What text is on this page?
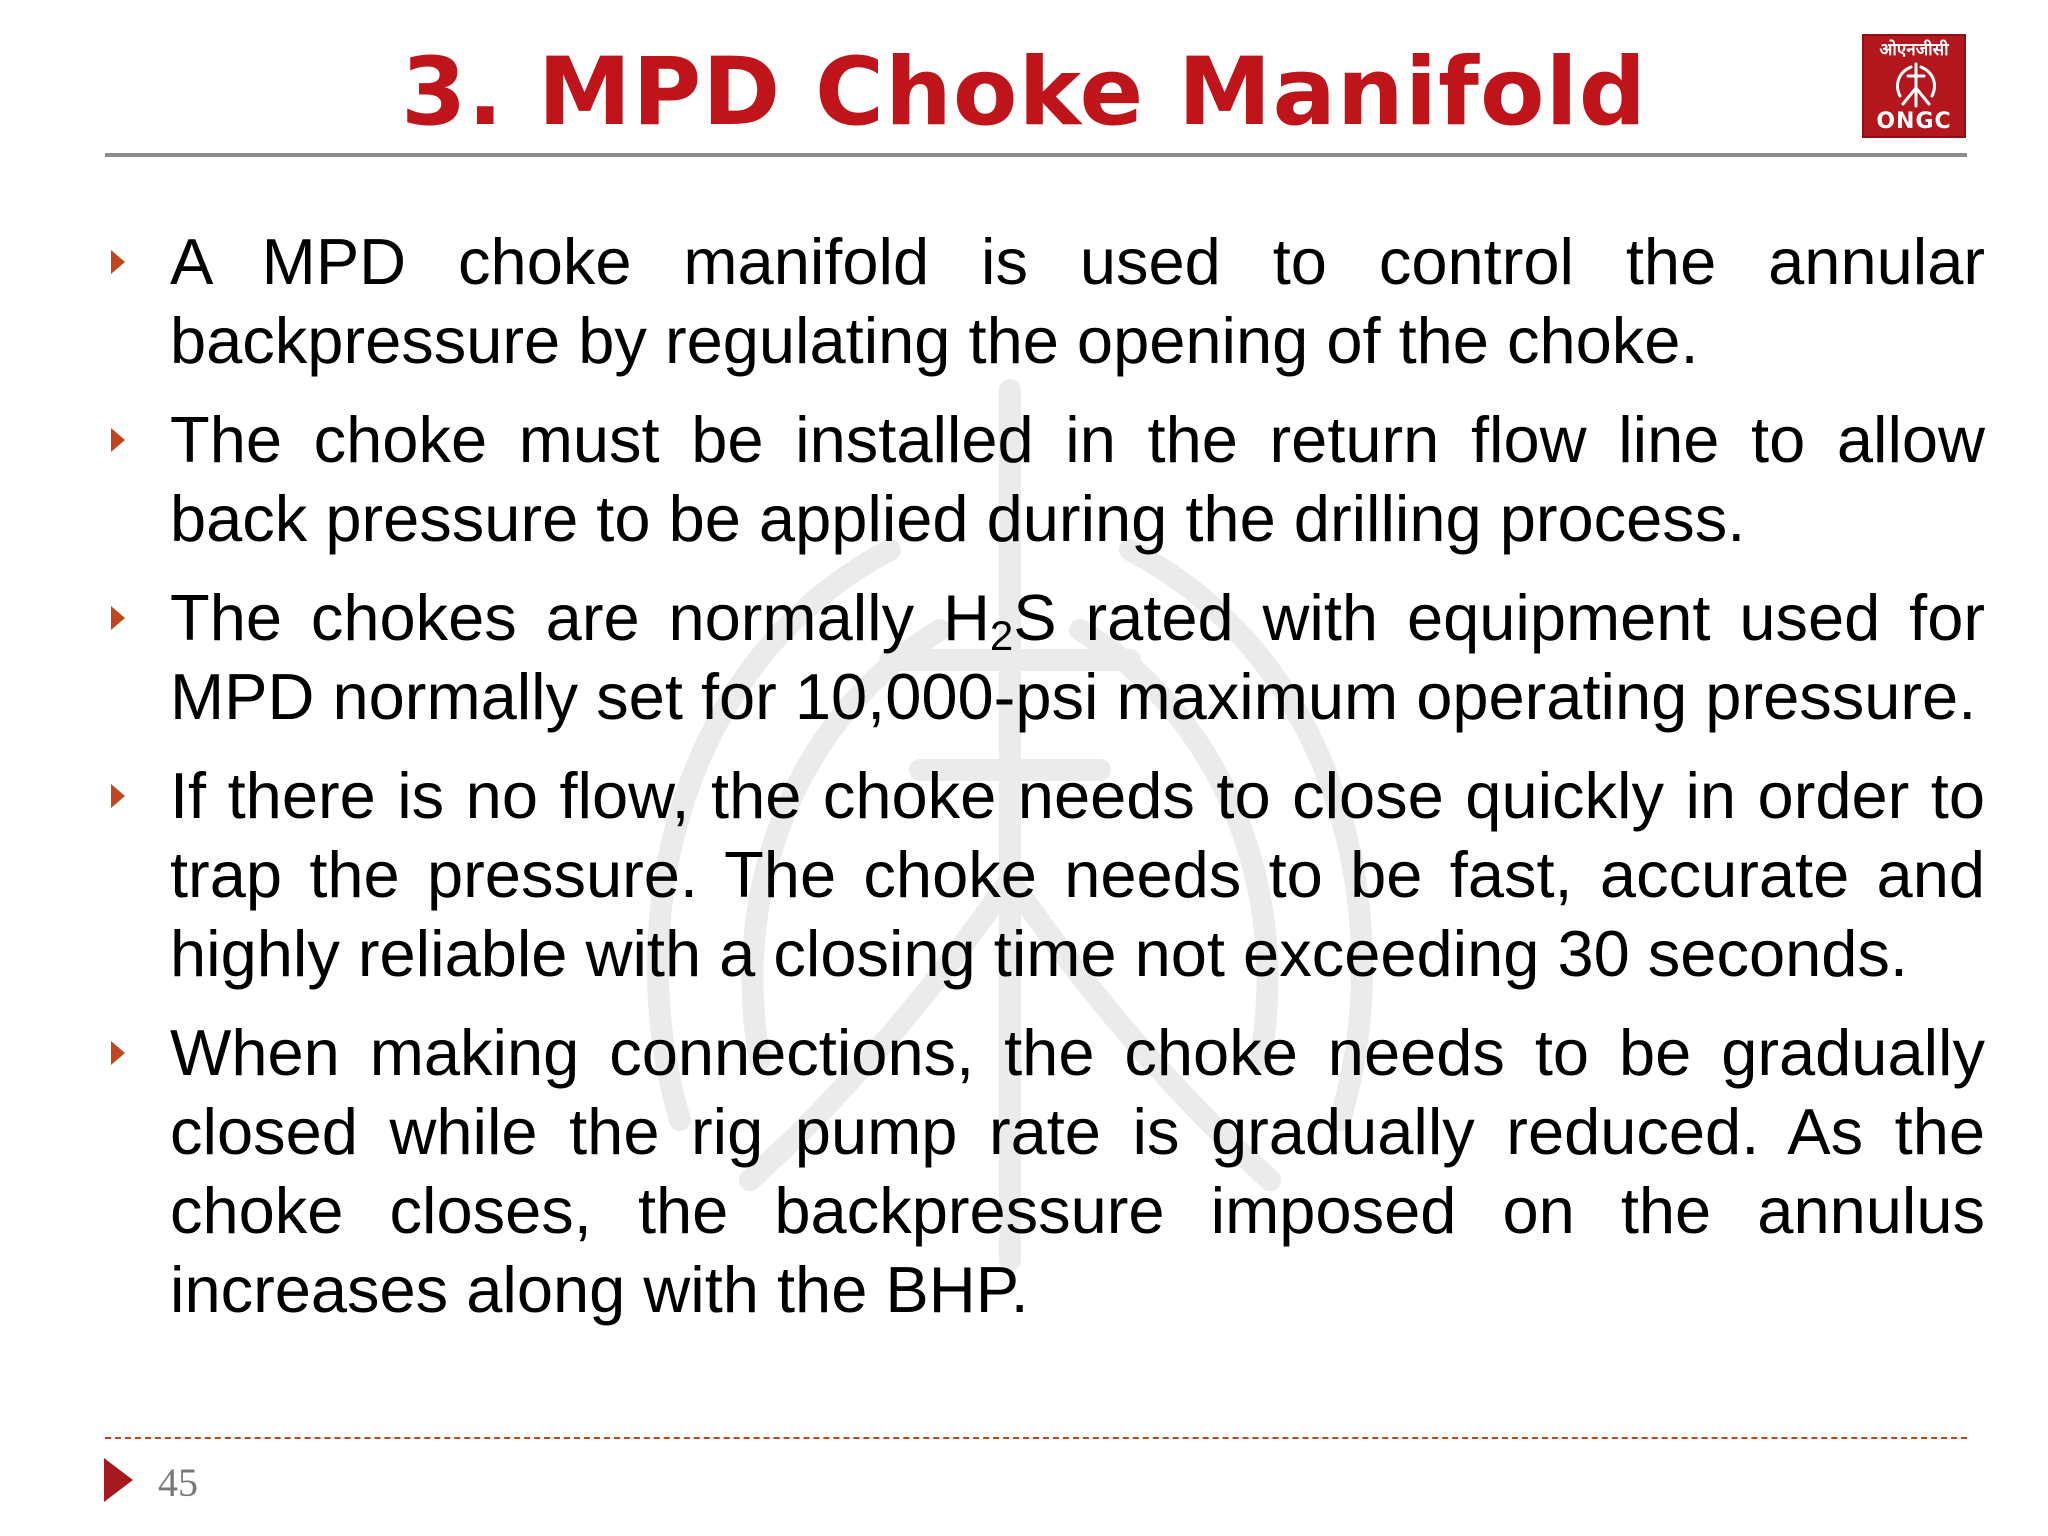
3. MPD Choke Manifold	ओएनजीसी
ONGC

A MPD choke manifold is used to control the annular backpressure by regulating the opening of the choke.

The choke must be installed in the return flow line to allow back pressure to be applied during the drilling process.

The chokes are normally $H_2S$ rated with equipment used for MPD normally set for 10,000-psi maximum operating pressure.

If there is no flow, the choke needs to close quickly in order to trap the pressure. The choke needs to be fast, accurate and highly reliable with a closing time not exceeding 30 seconds.

When making connections, the choke needs to be gradually closed while the rig pump rate is gradually reduced. As the choke closes, the backpressure imposed on the annulus increases along with the BHP.

45
